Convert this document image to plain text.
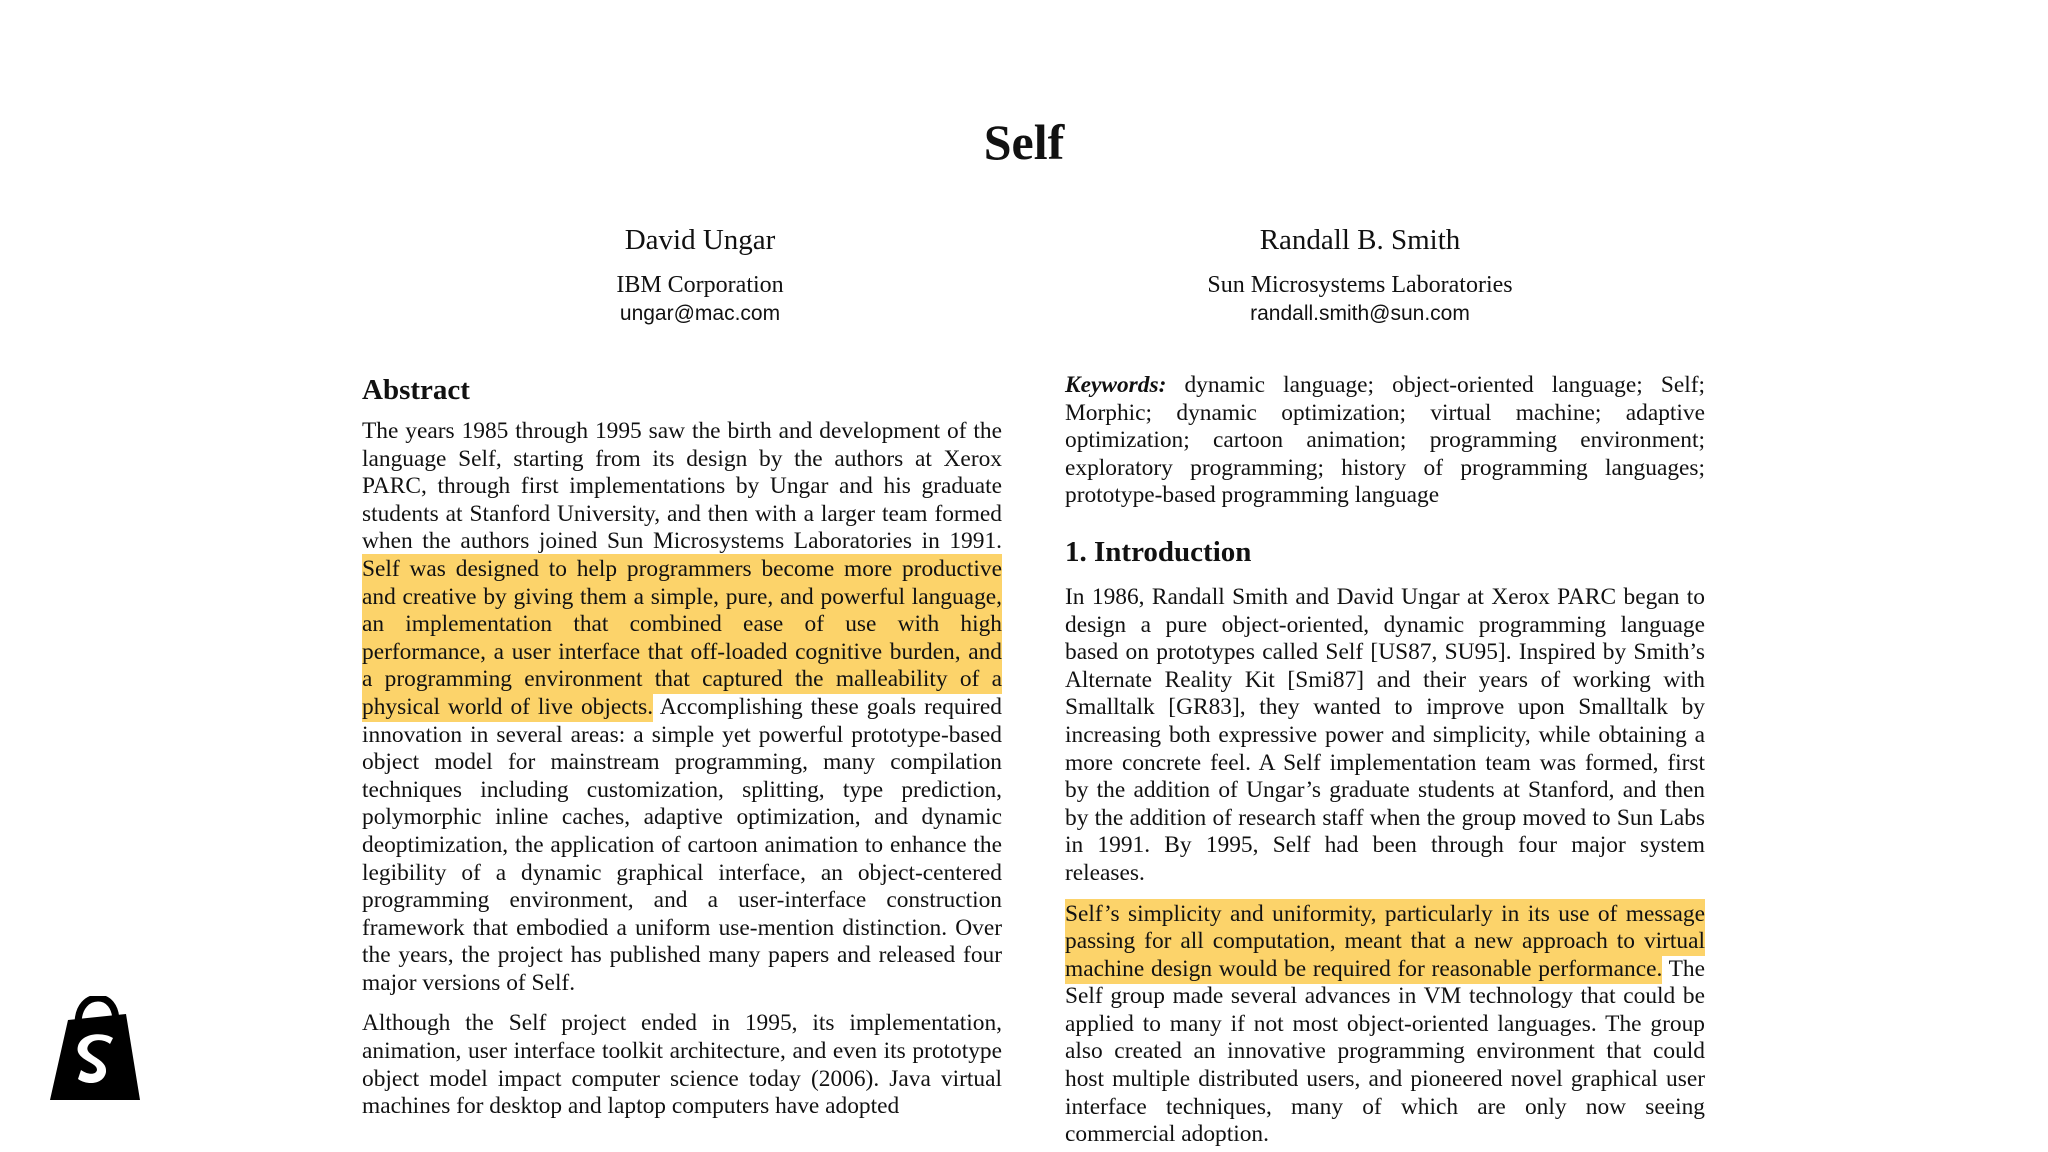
Self

David Ungar

IBM Corporation

ungar@mac.com

Randall B. Smith

Sun Microsystems Laboratories

randall.smith@sun.com

Abstract

The years 1985 through 1995 saw the birth and development of the language Self, starting from its design by the authors at Xerox PARC, through first implementations by Ungar and his graduate students at Stanford University, and then with a larger team formed when the authors joined Sun Microsystems Laboratories in 1991. Self was designed to help programmers become more productive and creative by giving them a simple, pure, and powerful language, an implementation that combined ease of use with high performance, a user interface that off-loaded cognitive burden, and a programming environment that captured the malleability of a physical world of live objects. Accomplishing these goals required innovation in several areas: a simple yet powerful prototype-based object model for mainstream programming, many compilation techniques including customization, splitting, type prediction, polymorphic inline caches, adaptive optimization, and dynamic deoptimization, the application of cartoon animation to enhance the legibility of a dynamic graphical interface, an object-centered programming environment, and a user-interface construction framework that embodied a uniform use-mention distinction. Over the years, the project has published many papers and released four major versions of Self.

Although the Self project ended in 1995, its implementation, animation, user interface toolkit architecture, and even its prototype object model impact computer science today (2006). Java virtual machines for desktop and laptop computers have adopted

Keywords: dynamic language; object-oriented language; Self; Morphic; dynamic optimization; virtual machine; adaptive optimization; cartoon animation; programming environment; exploratory programming; history of programming languages; prototype-based programming language

1. Introduction

In 1986, Randall Smith and David Ungar at Xerox PARC began to design a pure object-oriented, dynamic programming language based on prototypes called Self [US87, SU95]. Inspired by Smith’s Alternate Reality Kit [Smi87] and their years of working with Smalltalk [GR83], they wanted to improve upon Smalltalk by increasing both expressive power and simplicity, while obtaining a more concrete feel. A Self implementation team was formed, first by the addition of Ungar’s graduate students at Stanford, and then by the addition of research staff when the group moved to Sun Labs in 1991. By 1995, Self had been through four major system releases.

Self’s simplicity and uniformity, particularly in its use of message passing for all computation, meant that a new approach to virtual machine design would be required for reasonable performance. The Self group made several advances in VM technology that could be applied to many if not most object-oriented languages. The group also created an innovative programming environment that could host multiple distributed users, and pioneered novel graphical user interface techniques, many of which are only now seeing commercial adoption.
